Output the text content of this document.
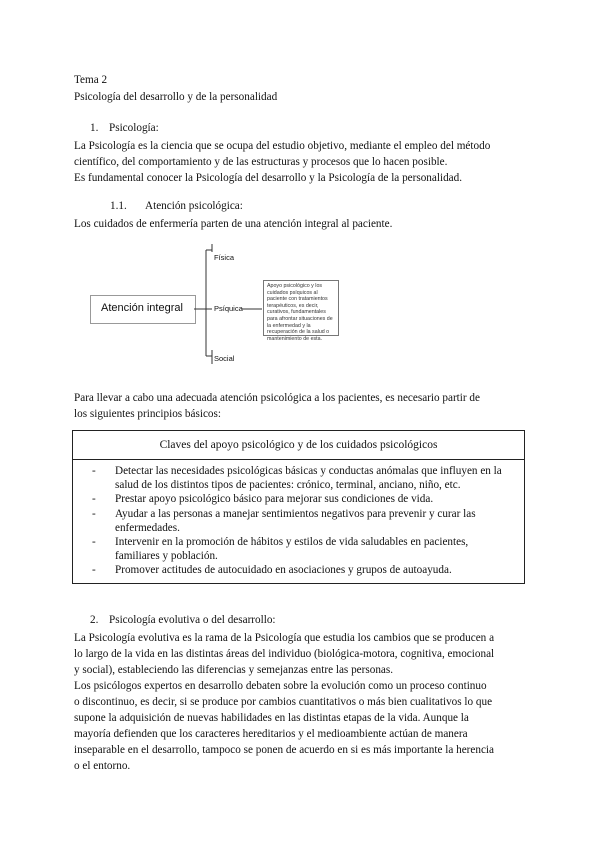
Tema 2
Psicología del desarrollo y de la personalidad
1. Psicología:
La Psicología es la ciencia que se ocupa del estudio objetivo, mediante el empleo del método
científico, del comportamiento y de las estructuras y procesos que lo hacen posible.
Es fundamental conocer la Psicología del desarrollo y la Psicología de la personalidad.
1.1. Atención psicológica:
Los cuidados de enfermería parten de una atención integral al paciente.
Atención integral
Física
Psíquica
Social
Apoyo psicológico y los cuidados psíquicos al paciente con tratamientos terapéuticos, es decir, curativos, fundamentales para afrontar situaciones de la enfermedad y la recuperación de la salud o mantenimiento de esta.
Para llevar a cabo una adecuada atención psicológica a los pacientes, es necesario partir de
los siguientes principios básicos:
Claves del apoyo psicológico y de los cuidados psicológicos
- Detectar las necesidades psicológicas básicas y conductas anómalas que influyen en la salud de los distintos tipos de pacientes: crónico, terminal, anciano, niño, etc.
- Prestar apoyo psicológico básico para mejorar sus condiciones de vida.
- Ayudar a las personas a manejar sentimientos negativos para prevenir y curar las enfermedades.
- Intervenir en la promoción de hábitos y estilos de vida saludables en pacientes, familiares y población.
- Promover actitudes de autocuidado en asociaciones y grupos de autoayuda.
2. Psicología evolutiva o del desarrollo:
La Psicología evolutiva es la rama de la Psicología que estudia los cambios que se producen a
lo largo de la vida en las distintas áreas del individuo (biológica-motora, cognitiva, emocional
y social), estableciendo las diferencias y semejanzas entre las personas.
Los psicólogos expertos en desarrollo debaten sobre la evolución como un proceso continuo
o discontinuo, es decir, si se produce por cambios cuantitativos o más bien cualitativos lo que
supone la adquisición de nuevas habilidades en las distintas etapas de la vida. Aunque la
mayoría defienden que los caracteres hereditarios y el medioambiente actúan de manera
inseparable en el desarrollo, tampoco se ponen de acuerdo en si es más importante la herencia
o el entorno.
